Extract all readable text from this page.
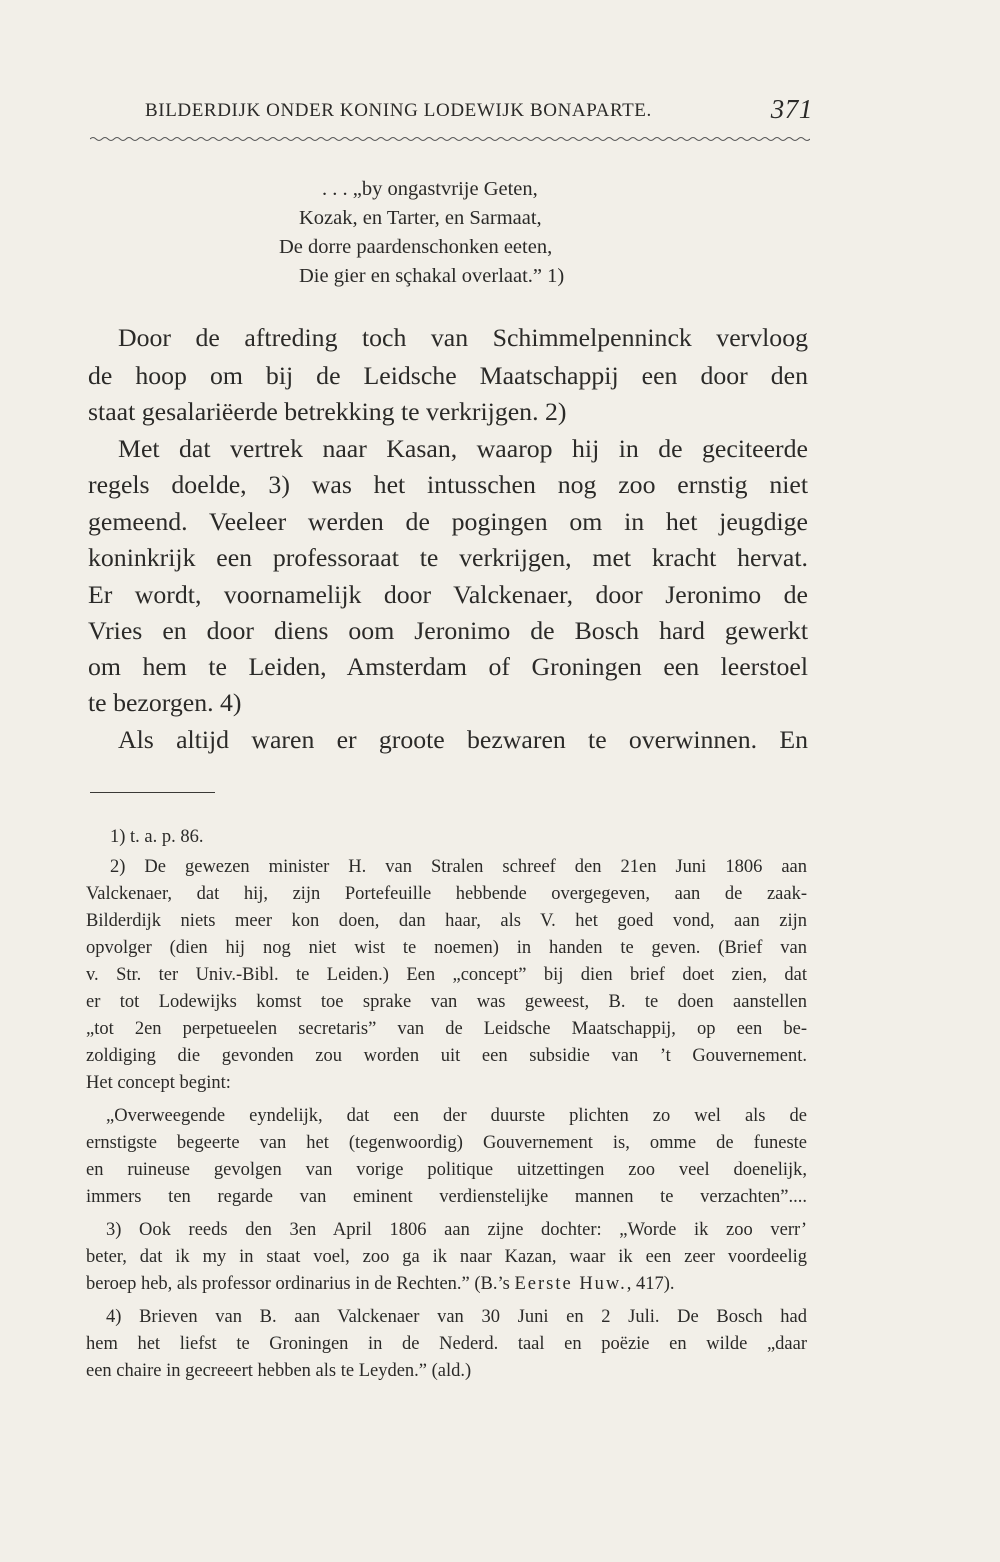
BILDERDIJK ONDER KONING LODEWIJK BONAPARTE.	371
. . . „by ongastvrije Geten,
Kozak, en Tarter, en Sarmaat,
De dorre paardenschonken eeten,
Die gier en sçhakal overlaat.” 1)
Door de aftreding toch van Schimmelpenninck vervloog
de hoop om bij de Leidsche Maatschappij een door den
staat gesalariëerde betrekking te verkrijgen. 2)
Met dat vertrek naar Kasan, waarop hij in de geciteerde
regels doelde, 3) was het intusschen nog zoo ernstig niet
gemeend. Veeleer werden de pogingen om in het jeugdige
koninkrijk een professoraat te verkrijgen, met kracht hervat.
Er wordt, voornamelijk door Valckenaer, door Jeronimo de
Vries en door diens oom Jeronimo de Bosch hard gewerkt
om hem te Leiden, Amsterdam of Groningen een leerstoel
te bezorgen. 4)
Als altijd waren er groote bezwaren te overwinnen. En
1) t. a. p. 86.
2) De gewezen minister H. van Stralen schreef den 21en Juni 1806 aan
Valckenaer, dat hij, zijn Portefeuille hebbende overgegeven, aan de zaak-
Bilderdijk niets meer kon doen, dan haar, als V. het goed vond, aan zijn
opvolger (dien hij nog niet wist te noemen) in handen te geven. (Brief van
v. Str. ter Univ.-Bibl. te Leiden.) Een „concept” bij dien brief doet zien, dat
er tot Lodewijks komst toe sprake van was geweest, B. te doen aanstellen
„tot 2en perpetueelen secretaris” van de Leidsche Maatschappij, op een be-
zoldiging die gevonden zou worden uit een subsidie van ’t Gouvernement.
Het concept begint:
„Overweegende eyndelijk, dat een der duurste plichten zo wel als de
ernstigste begeerte van het (tegenwoordig) Gouvernement is, omme de funeste
en ruineuse gevolgen van vorige politique uitzettingen zoo veel doenelijk,
immers ten regarde van eminent verdienstelijke mannen te verzachten”....
3) Ook reeds den 3en April 1806 aan zijne dochter: „Worde ik zoo verr’
beter, dat ik my in staat voel, zoo ga ik naar Kazan, waar ik een zeer voordeelig
beroep heb, als professor ordinarius in de Rechten.” (B.’s Eerste Huw., 417).
4) Brieven van B. aan Valckenaer van 30 Juni en 2 Juli. De Bosch had
hem het liefst te Groningen in de Nederd. taal en poëzie en wilde „daar
een chaire in gecreeert hebben als te Leyden.” (ald.)
